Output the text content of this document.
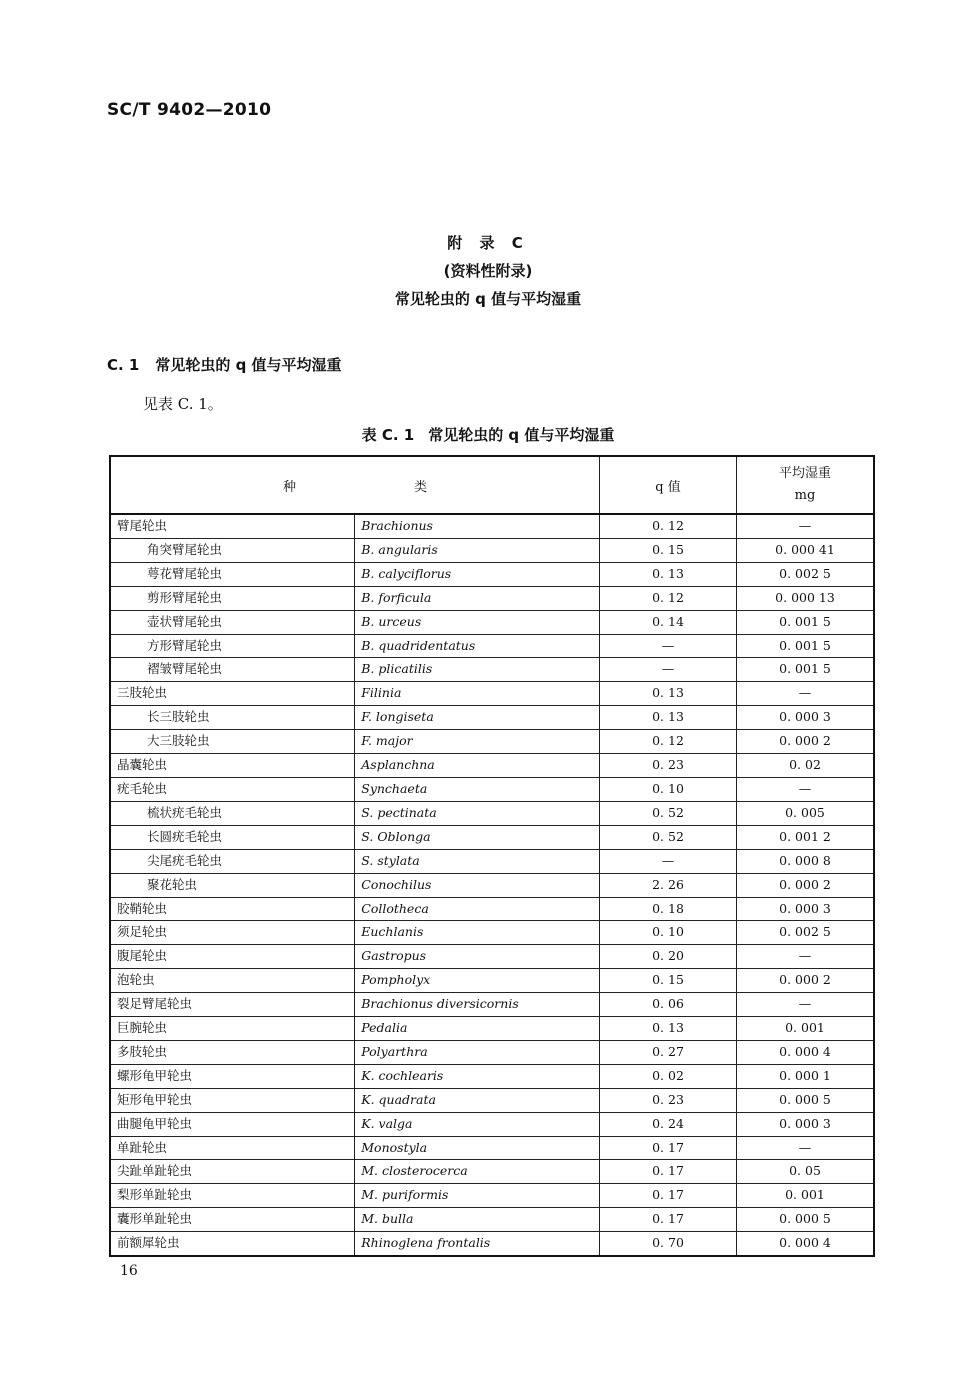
SC/T 9402—2010
附 录 C
(资料性附录)
常见轮虫的 q 值与平均湿重
C. 1 常见轮虫的 q 值与平均湿重
见表 C. 1。
表 C. 1 常见轮虫的 q 值与平均湿重
种 类		q 值	平均湿重
mg

臂尾轮虫	Brachionus	0. 12	—
角突臂尾轮虫	B. angularis	0. 15	0. 000 41
萼花臂尾轮虫	B. calyciflorus	0. 13	0. 002 5
剪形臂尾轮虫	B. forficula	0. 12	0. 000 13
壶状臂尾轮虫	B. urceus	0. 14	0. 001 5
方形臂尾轮虫	B. quadridentatus	—	0. 001 5
褶皱臂尾轮虫	B. plicatilis	—	0. 001 5
三肢轮虫	Filinia	0. 13	—
长三肢轮虫	F. longiseta	0. 13	0. 000 3
大三肢轮虫	F. major	0. 12	0. 000 2
晶囊轮虫	Asplanchna	0. 23	0. 02
疣毛轮虫	Synchaeta	0. 10	—
梳状疣毛轮虫	S. pectinata	0. 52	0. 005
长圆疣毛轮虫	S. Oblonga	0. 52	0. 001 2
尖尾疣毛轮虫	S. stylata	—	0. 000 8
聚花轮虫	Conochilus	2. 26	0. 000 2
胶鞘轮虫	Collotheca	0. 18	0. 000 3
须足轮虫	Euchlanis	0. 10	0. 002 5
腹尾轮虫	Gastropus	0. 20	—
泡轮虫	Pompholyx	0. 15	0. 000 2
裂足臂尾轮虫	Brachionus diversicornis	0. 06	—
巨腕轮虫	Pedalia	0. 13	0. 001
多肢轮虫	Polyarthra	0. 27	0. 000 4
螺形龟甲轮虫	K. cochlearis	0. 02	0. 000 1
矩形龟甲轮虫	K. quadrata	0. 23	0. 000 5
曲腿龟甲轮虫	K. valga	0. 24	0. 000 3
单趾轮虫	Monostyla	0. 17	—
尖趾单趾轮虫	M. closterocerca	0. 17	0. 05
梨形单趾轮虫	M. puriformis	0. 17	0. 001
囊形单趾轮虫	M. bulla	0. 17	0. 000 5
前额犀轮虫	Rhinoglena frontalis	0. 70	0. 000 4
16
